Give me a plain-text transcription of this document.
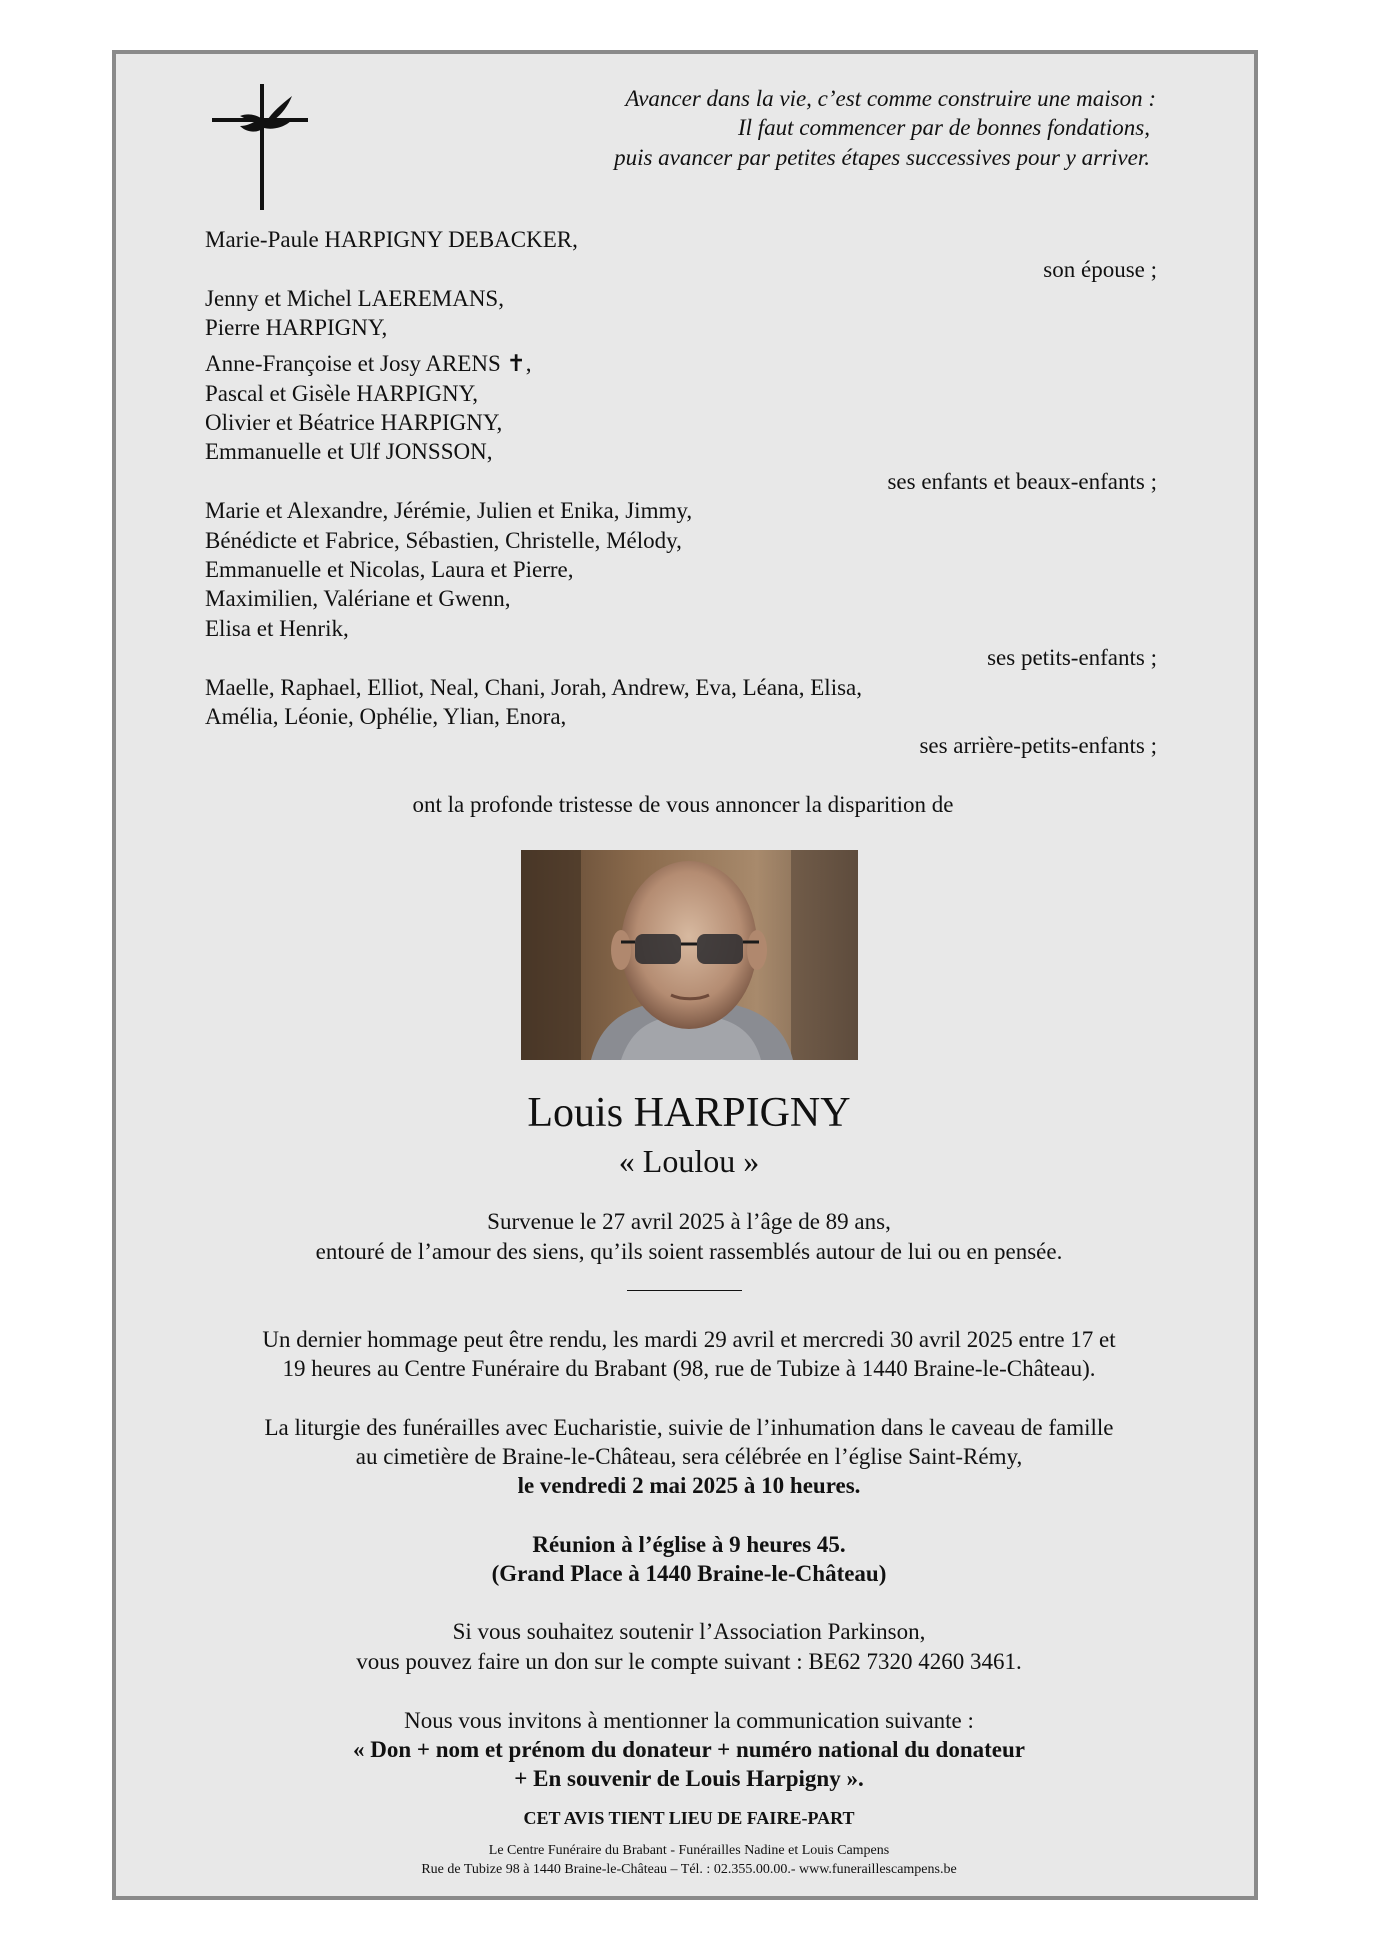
Avancer dans la vie, c’est comme construire une maison :
Il faut commencer par de bonnes fondations,
puis avancer par petites étapes successives pour y arriver.
Marie-Paule HARPIGNY DEBACKER,
son épouse ;
Jenny et Michel LAEREMANS,
Pierre HARPIGNY,
Anne-Françoise et Josy ARENS ✝,
Pascal et Gisèle HARPIGNY,
Olivier et Béatrice HARPIGNY,
Emmanuelle et Ulf JONSSON,
ses enfants et beaux-enfants ;
Marie et Alexandre, Jérémie, Julien et Enika, Jimmy,
Bénédicte et Fabrice, Sébastien, Christelle, Mélody,
Emmanuelle et Nicolas, Laura et Pierre,
Maximilien, Valériane et Gwenn,
Elisa et Henrik,
ses petits-enfants ;
Maelle, Raphael, Elliot, Neal, Chani, Jorah, Andrew, Eva, Léana, Elisa,
Amélia, Léonie, Ophélie, Ylian, Enora,
ses arrière-petits-enfants ;
ont la profonde tristesse de vous annoncer la disparition de
Louis HARPIGNY
« Loulou »
Survenue le 27 avril 2025 à l’âge de 89 ans,
entouré de l’amour des siens, qu’ils soient rassemblés autour de lui ou en pensée.
Un dernier hommage peut être rendu, les mardi 29 avril et mercredi 30 avril 2025 entre 17 et
19 heures au Centre Funéraire du Brabant (98, rue de Tubize à 1440 Braine-le-Château).
La liturgie des funérailles avec Eucharistie, suivie de l’inhumation dans le caveau de famille
au cimetière de Braine-le-Château, sera célébrée en l’église Saint-Rémy,
le vendredi 2 mai 2025 à 10 heures.
Réunion à l’église à 9 heures 45.
(Grand Place à 1440 Braine-le-Château)
Si vous souhaitez soutenir l’Association Parkinson,
vous pouvez faire un don sur le compte suivant : BE62 7320 4260 3461.
Nous vous invitons à mentionner la communication suivante :
« Don + nom et prénom du donateur + numéro national du donateur
+ En souvenir de Louis Harpigny ».
CET AVIS TIENT LIEU DE FAIRE-PART
Le Centre Funéraire du Brabant - Funérailles Nadine et Louis Campens
Rue de Tubize 98 à 1440 Braine-le-Château – Tél. : 02.355.00.00.- www.funeraillescampens.be
